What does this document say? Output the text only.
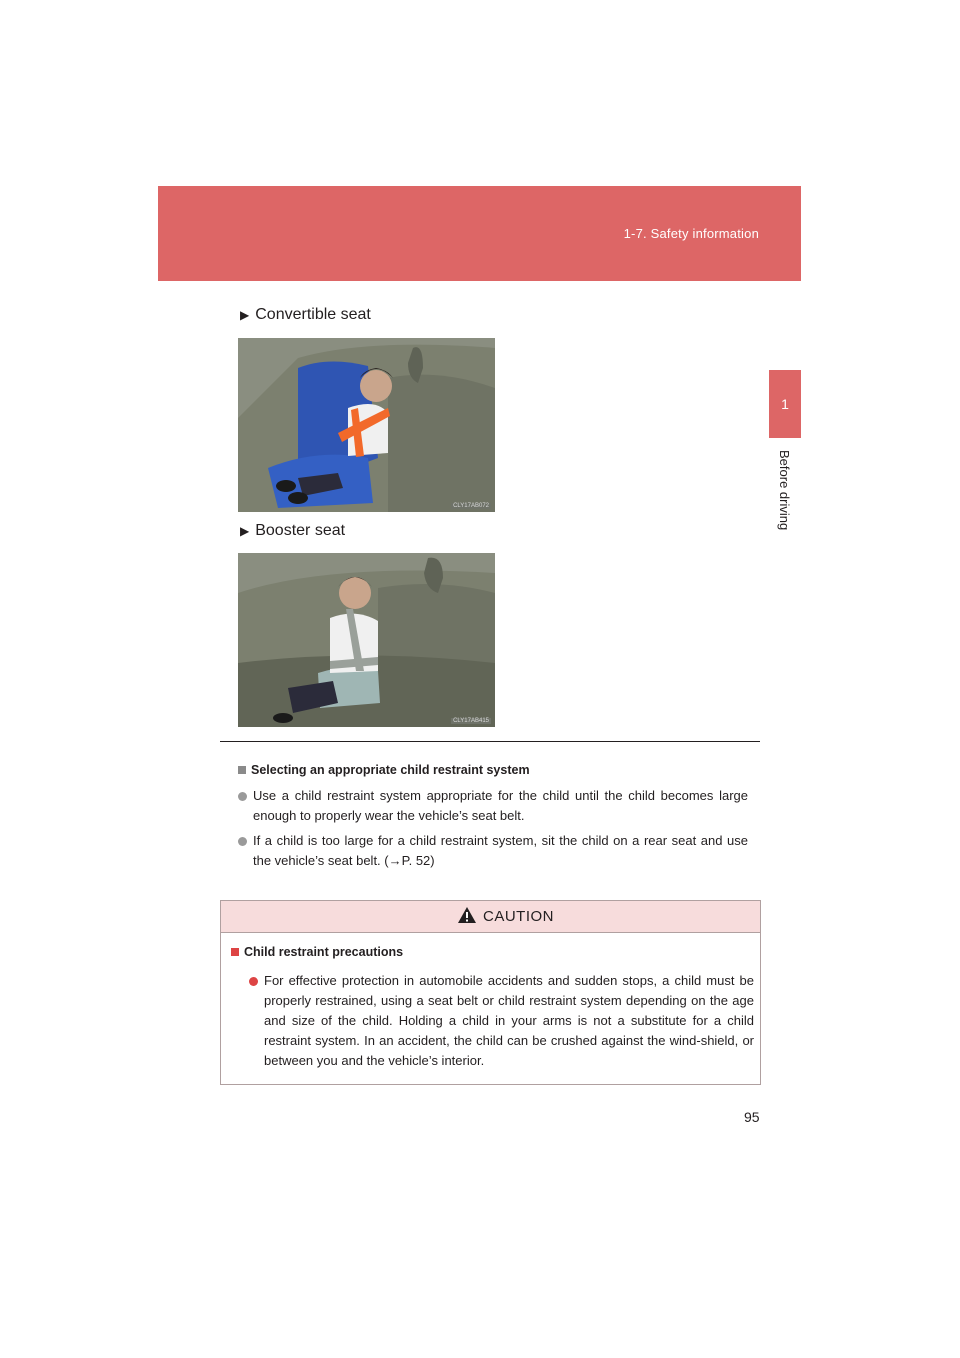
1-7. Safety information
1
Before driving
▶ Convertible seat
CLY17AB072
▶ Booster seat
CLY17AB415
Selecting an appropriate child restraint system
Use a child restraint system appropriate for the child until the child becomes large enough to properly wear the vehicle’s seat belt.
If a child is too large for a child restraint system, sit the child on a rear seat and use the vehicle’s seat belt. (→P. 52)
CAUTION
Child restraint precautions
For effective protection in automobile accidents and sudden stops, a child must be properly restrained, using a seat belt or child restraint system depending on the age and size of the child. Holding a child in your arms is not a substitute for a child restraint system. In an accident, the child can be crushed against the wind-shield, or between you and the vehicle’s interior.
95
